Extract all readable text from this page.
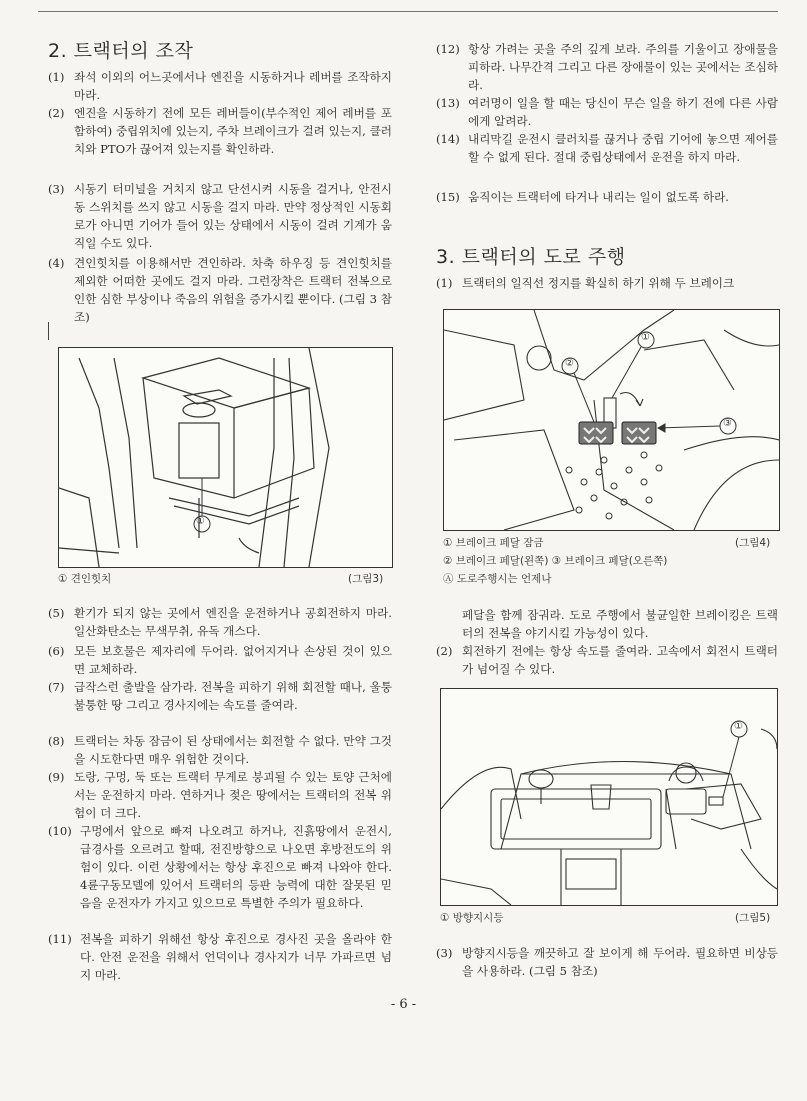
2. 트랙터의 조작
(1) 좌석 이외의 어느곳에서나 엔진을 시동하거나 레버를 조작하지 마라.
(2) 엔진을 시동하기 전에 모든 레버들이(부수적인 제어 레버를 포함하여) 중립위치에 있는지, 주차 브레이크가 걸려 있는지, 클러치와 PTO가 끊어져 있는지를 확인하라.
(3) 시동기 터미널을 거치지 않고 단선시켜 시동을 걸거나, 안전시동 스위치를 쓰지 않고 시동을 걸지 마라. 만약 정상적인 시동회로가 아니면 기어가 들어 있는 상태에서 시동이 걸려 기계가 움직일 수도 있다.
(4) 견인힛치를 이용해서만 견인하라. 차축 하우징 등 견인힛치를 제외한 어떠한 곳에도 걸지 마라. 그런장착은 트랙터 전복으로 인한 심한 부상이나 죽음의 위험을 증가시킬 뿐이다. (그림 3 참조)
①
① 견인힛치	(그림3)
(5) 환기가 되지 않는 곳에서 엔진을 운전하거나 공회전하지 마라. 일산화탄소는 무색무취, 유독 개스다.
(6) 모든 보호물은 제자리에 두어라. 없어지거나 손상된 것이 있으면 교체하라.
(7) 급작스런 출발을 삼가라. 전복을 피하기 위해 회전할 때나, 울퉁불퉁한 땅 그리고 경사지에는 속도를 줄여라.
(8) 트랙터는 차동 잠금이 된 상태에서는 회전할 수 없다. 만약 그것을 시도한다면 매우 위험한 것이다.
(9) 도랑, 구멍, 둑 또는 트랙터 무게로 붕괴될 수 있는 토양 근처에서는 운전하지 마라. 연하거나 젖은 땅에서는 트랙터의 전복 위험이 더 크다.
(10) 구멍에서 앞으로 빠져 나오려고 하거나, 진흙땅에서 운전시, 급경사를 오르려고 할때, 전진방향으로 나오면 후방전도의 위험이 있다. 이런 상황에서는 항상 후진으로 빠져 나와야 한다. 4륜구동모델에 있어서 트랙터의 등판 능력에 대한 잘못된 믿음을 운전자가 가지고 있으므로 특별한 주의가 필요하다.
(11) 전복을 피하기 위해선 항상 후진으로 경사진 곳을 올라야 한다. 안전 운전을 위해서 언덕이나 경사지가 너무 가파르면 넘지 마라.
(12) 항상 가려는 곳을 주의 깊게 보라. 주의를 기울이고 장애물을 피하라. 나무간격 그리고 다른 장애물이 있는 곳에서는 조심하라.
(13) 여러명이 일을 할 때는 당신이 무슨 일을 하기 전에 다른 사람에게 알려라.
(14) 내리막길 운전시 클러치를 끊거나 중립 기어에 놓으면 제어를 할 수 없게 된다. 절대 중립상태에서 운전을 하지 마라.
(15) 움직이는 트랙터에 타거나 내리는 일이 없도록 하라.
3. 트랙터의 도로 주행
(1) 트랙터의 일직선 정지를 확실히 하기 위해 두 브레이크
①
②
③
① 브레이크 페달 잠금	(그림4)
② 브레이크 페달(왼쪽) ③ 브레이크 페달(오른쪽)
Ⓐ 도로주행시는 언제나
페달을 함께 잠궈라. 도로 주행에서 불균일한 브레이킹은 트랙터의 전복을 야기시킬 가능성이 있다.
(2) 회전하기 전에는 항상 속도를 줄여라. 고속에서 회전시 트랙터가 넘어질 수 있다.
①
① 방향지시등	(그림5)
(3) 방향지시등을 깨끗하고 잘 보이게 해 두어라. 필요하면 비상등을 사용하라. (그림 5 참조)
- 6 -
